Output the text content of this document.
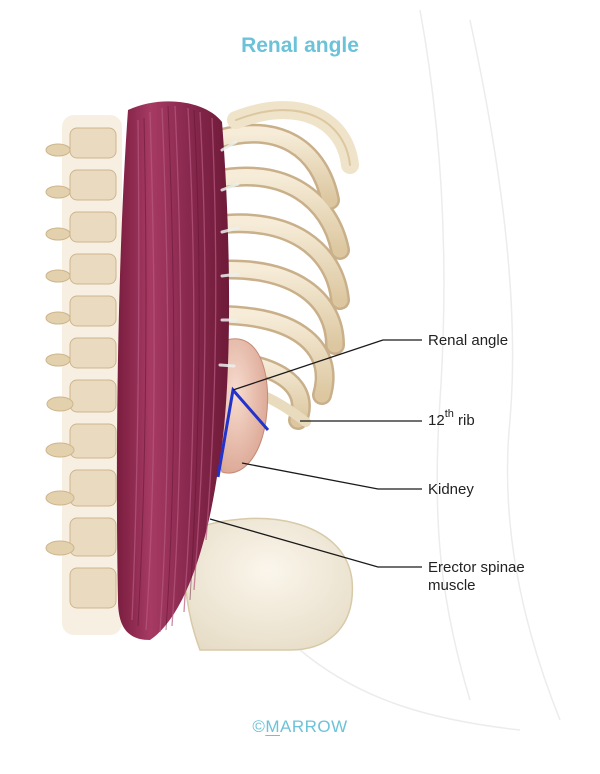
Renal angle
Renal angle
12th rib
Kidney
Erector spinae
muscle
©MARROW
